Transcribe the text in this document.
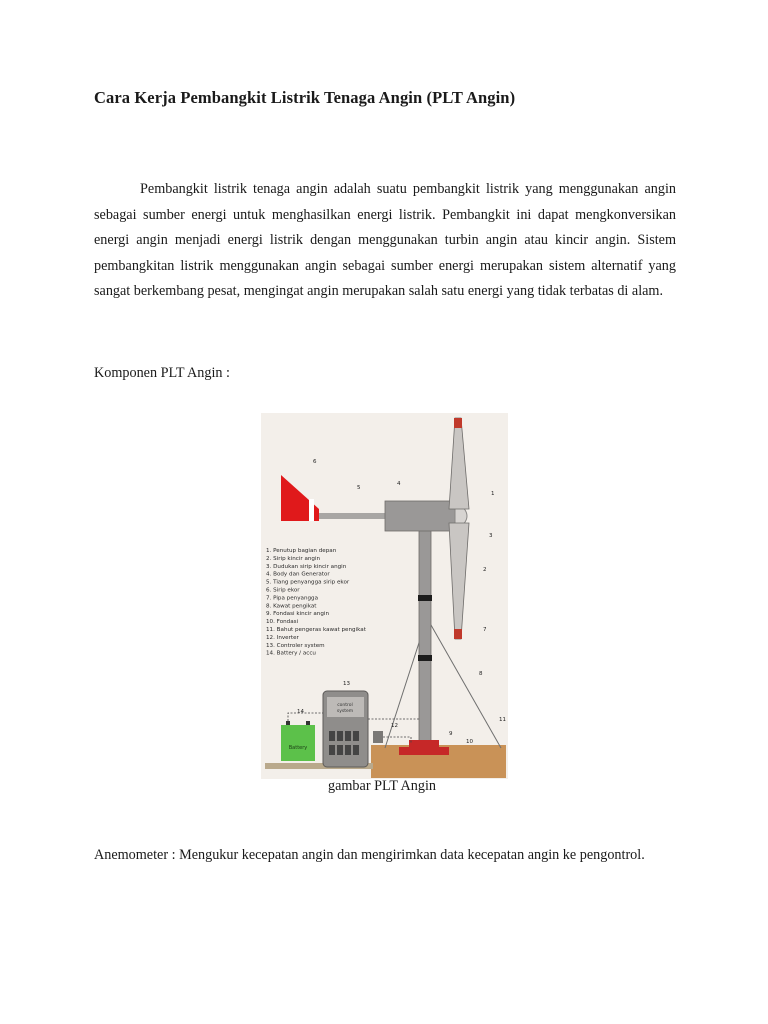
Cara Kerja Pembangkit Listrik Tenaga Angin (PLT Angin)
Pembangkit listrik tenaga angin adalah suatu pembangkit listrik yang menggunakan angin sebagai sumber energi untuk menghasilkan energi listrik. Pembangkit ini dapat mengkonversikan energi angin menjadi energi listrik dengan menggunakan turbin angin atau kincir angin. Sistem pembangkitan listrik menggunakan angin sebagai sumber energi merupakan sistem alternatif yang sangat berkembang pesat, mengingat angin merupakan salah satu energi yang tidak terbatas di alam.
Komponen PLT Angin :
control
system
Battery
1. Penutup bagian depan
2. Sirip kincir angin
3. Dudukan sirip kincir angin
4. Body dan Generator
5. Tiang penyangga sirip ekor
6. Sirip ekor
7. Pipa penyangga
8. Kawat pengikat
9. Fondasi kincir angin
10. Fondasi
11. Bahut pengeras kawat pengikat
12. Inverter
13. Controler system
14. Battery / accu
1
2
3
4
5
6
7
8
9
10
11
12
13
14
gambar PLT Angin
Anemometer : Mengukur kecepatan angin dan mengirimkan data kecepatan angin ke pengontrol.
